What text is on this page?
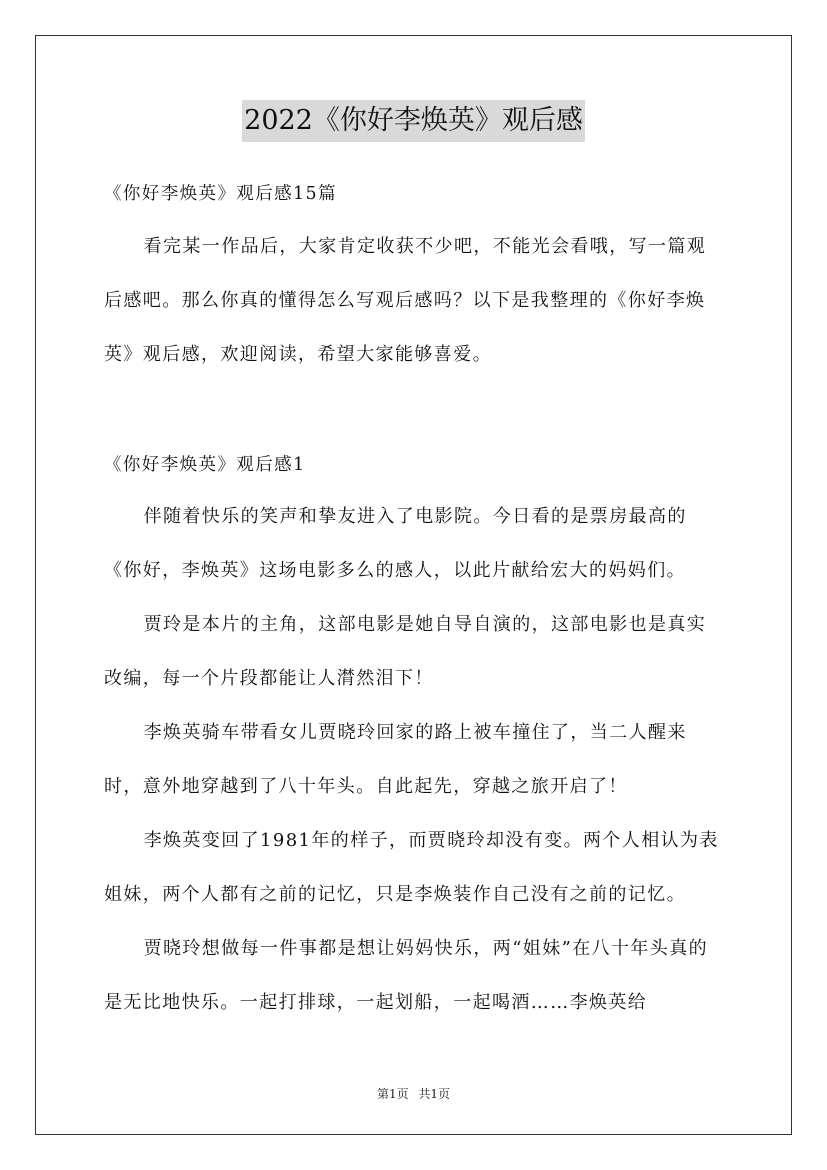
2022《你好李焕英》观后感

《你好李焕英》观后感15篇

看完某一作品后，大家肯定收获不少吧，不能光会看哦，写一篇观后感吧。那么你真的懂得怎么写观后感吗？以下是我整理的《你好李焕英》观后感，欢迎阅读，希望大家能够喜爱。

《你好李焕英》观后感1

伴随着快乐的笑声和挚友进入了电影院。今日看的是票房最高的《你好，李焕英》这场电影多么的感人，以此片献给宏大的妈妈们。

贾玲是本片的主角，这部电影是她自导自演的，这部电影也是真实改编，每一个片段都能让人潸然泪下！

李焕英骑车带看女儿贾晓玲回家的路上被车撞住了，当二人醒来时，意外地穿越到了八十年头。自此起先，穿越之旅开启了！

李焕英变回了1981年的样子，而贾晓玲却没有变。两个人相认为表姐妹，两个人都有之前的记忆，只是李焕装作自己没有之前的记忆。

贾晓玲想做每一件事都是想让妈妈快乐，两“姐妹”在八十年头真的是无比地快乐。一起打排球，一起划船，一起喝酒……李焕英给

第1页 共1页
